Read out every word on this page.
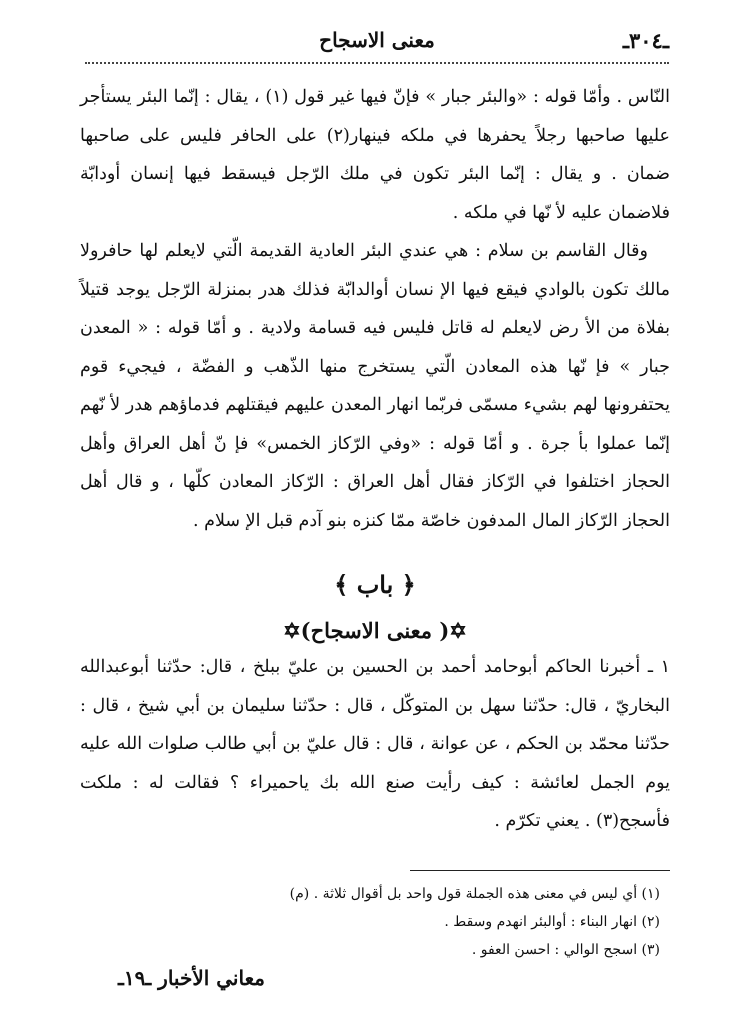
ـ٣٠٤ـ
معنى الاسجاح

النّاس . وأمّا قوله : «والبئر جبار » فإنّ فيها غير قول (١) ، يقال : إنّما البئر يستأجر عليها صاحبها رجلاً يحفرها في ملكه فينهار(٢) على الحافر فليس على صاحبها ضمان . و يقال : إنّما البئر تكون في ملك الرّجل فيسقط فيها إنسان أودابّة فلاضمان عليه لأ نّها في ملكه .

وقال القاسم بن سلام : هي عندي البئر العادية القديمة الّتي لايعلم لها حافرولا مالك تكون بالوادي فيقع فيها الإ نسان أوالدابّة فذلك هدر بمنزلة الرّجل يوجد قتيلاً بفلاة من الأ رض لايعلم له قاتل فليس فيه قسامة ولادية . و أمّا قوله : « المعدن جبار » فإ نّها هذه المعادن الّتي يستخرج منها الذّهب و الفضّة ، فيجيء قوم يحتفرونها لهم بشيء مسمّى فربّما انهار المعدن عليهم فيقتلهم فدماؤهم هدر لأ نّهم إنّما عملوا بأ جرة . و أمّا قوله : «وفي الرّكاز الخمس» فإ نّ أهل العراق وأهل الحجاز اختلفوا في الرّكاز فقال أهل العراق : الرّكاز المعادن كلّها ، و قال أهل الحجاز الرّكاز المال المدفون خاصّة ممّا كنزه بنو آدم قبل الإ سلام .

﴿ باب ﴾
✡( معنى الاسجاح)✡

١ ـ أخبرنا الحاكم أبوحامد أحمد بن الحسين بن عليّ ببلخ ، قال: حدّثنا أبوعبدالله البخاريّ ، قال: حدّثنا سهل بن المتوكّل ، قال : حدّثنا سليمان بن أبي شيخ ، قال : حدّثنا محمّد بن الحكم ، عن عوانة ، قال : قال عليّ بن أبي طالب صلوات الله عليه يوم الجمل لعائشة : كيف رأيت صنع الله بك ياحميراء ؟ فقالت له : ملكت فأسجح(٣) . يعني تكرّم .

(١) أي ليس في معنى هذه الجملة قول واحد بل أقوال ثلاثة . (م)
(٢) انهار البناء : أوالبئر انهدم وسقط .
(٣) اسجح الوالي : احسن العفو .
معاني الأخبار ـ١٩ـ
